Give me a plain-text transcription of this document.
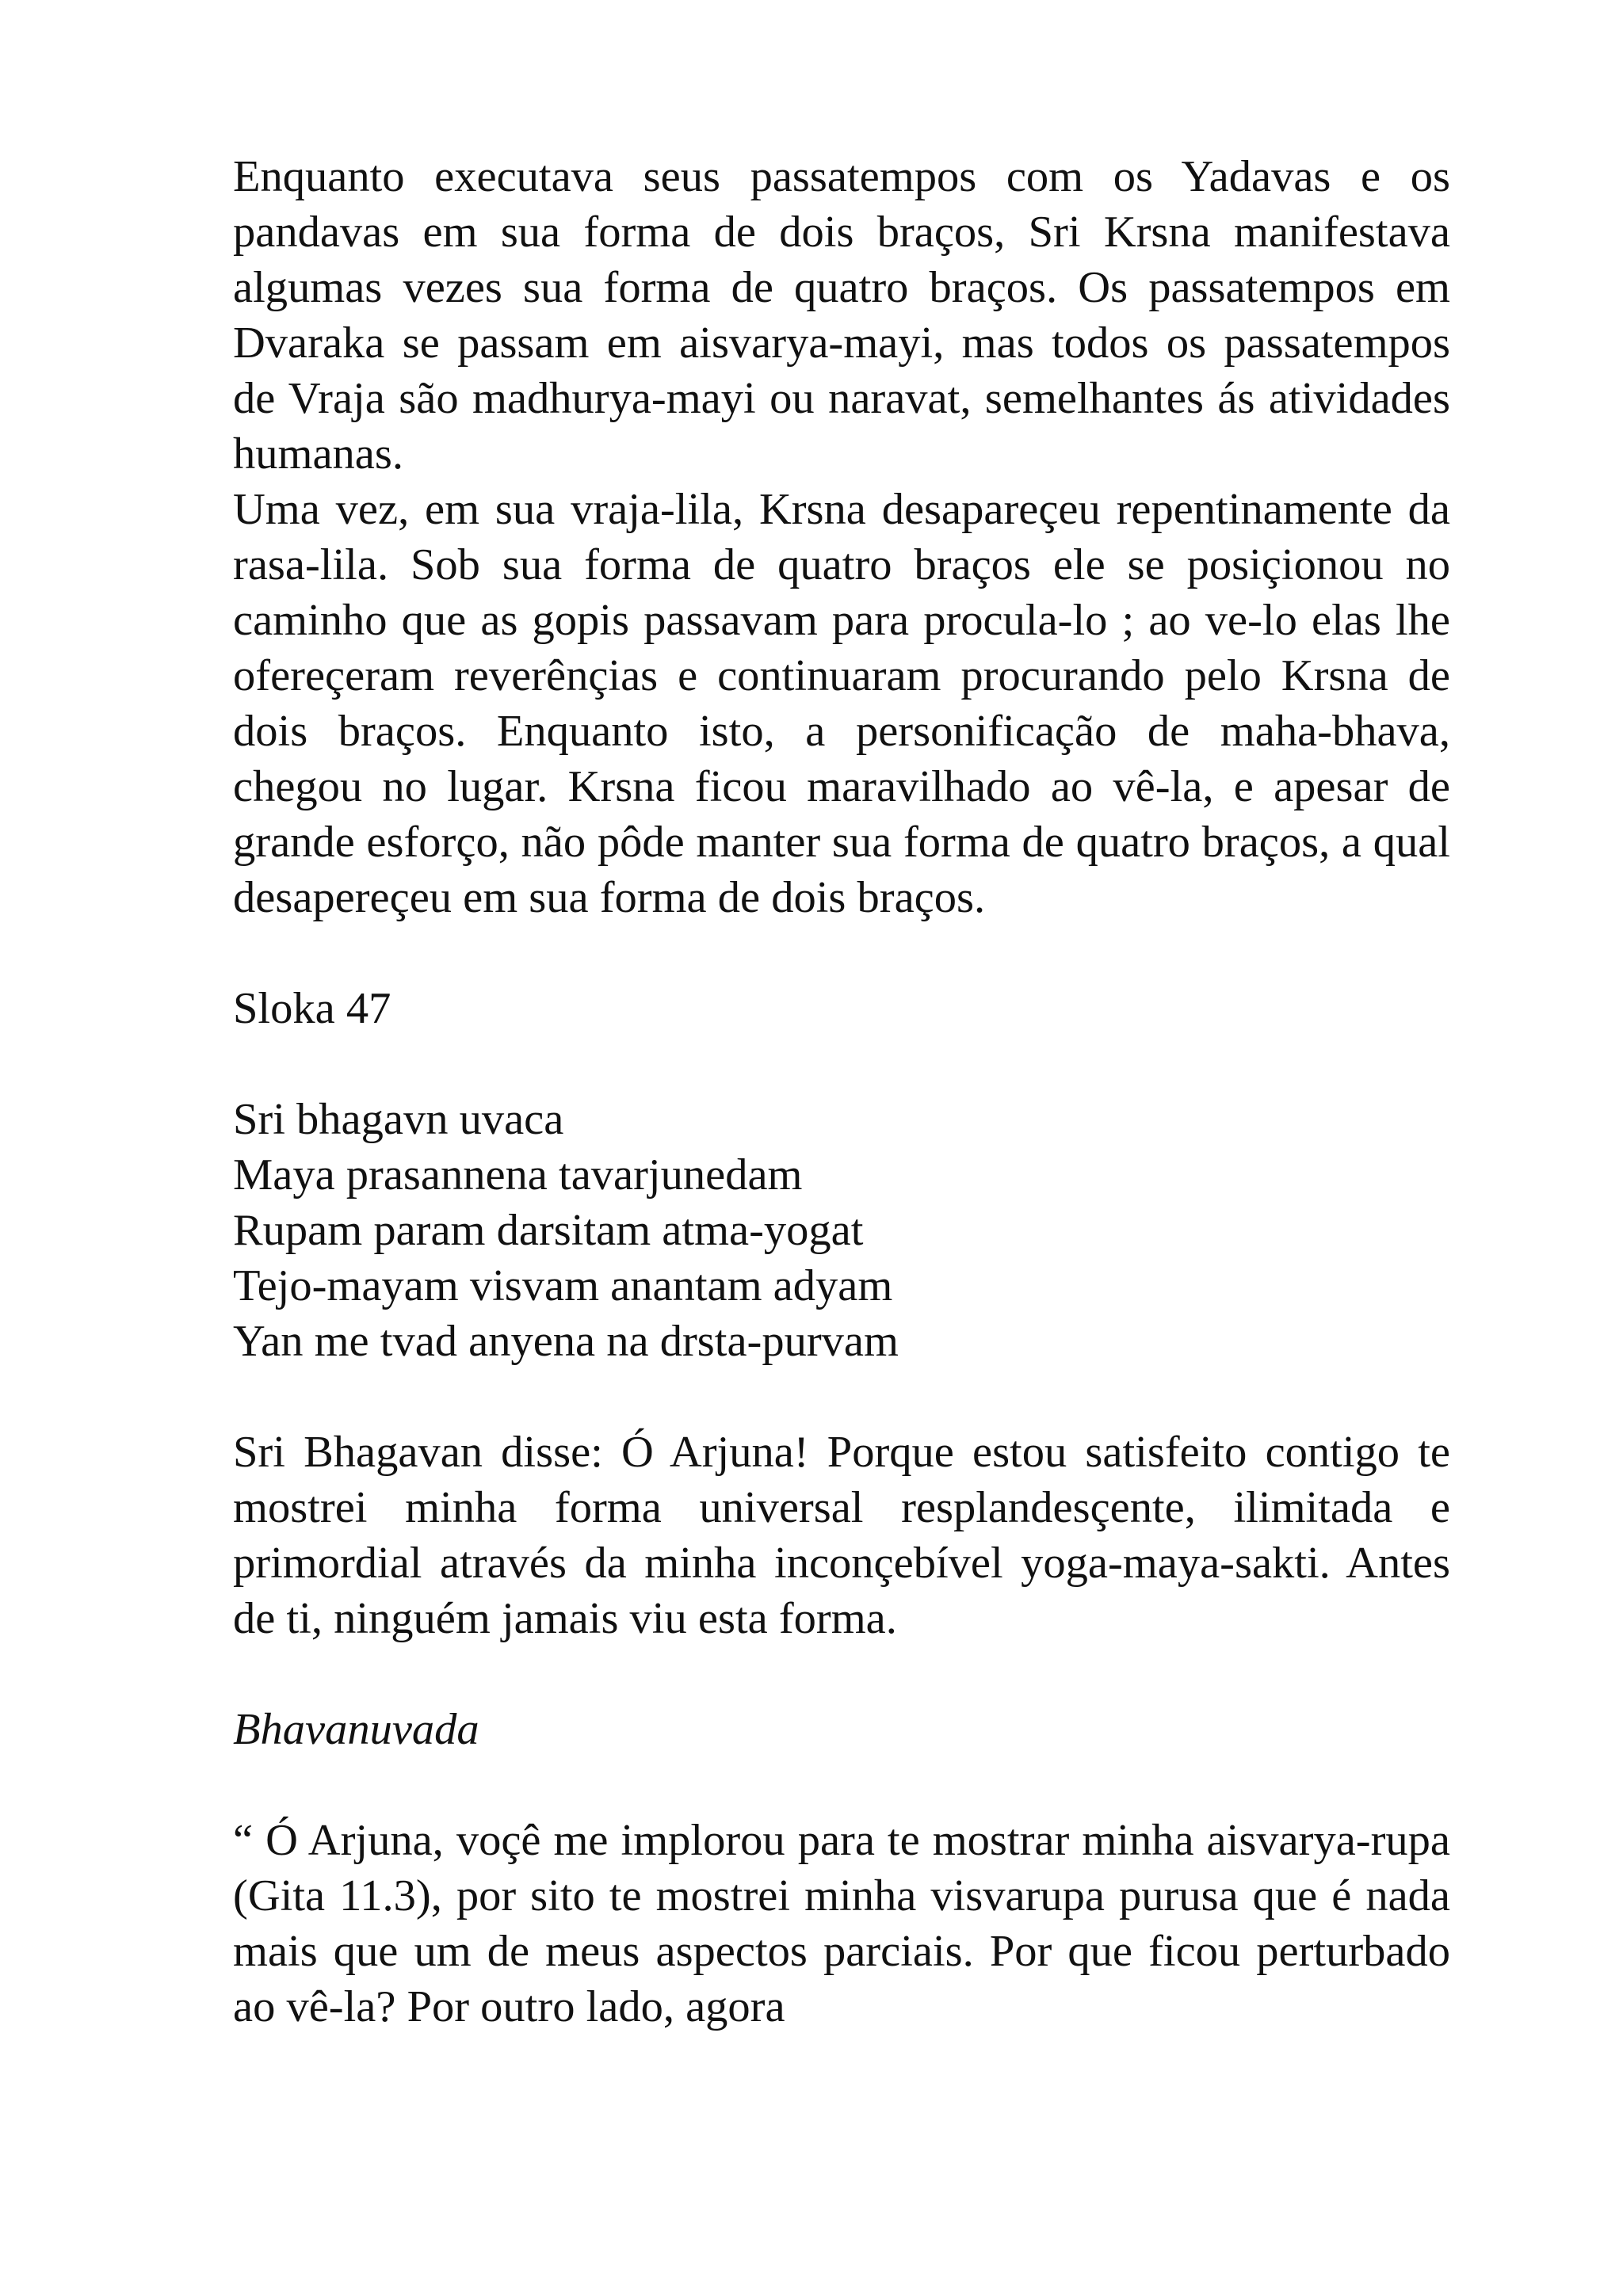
Enquanto executava seus passatempos com os Yadavas e os pandavas em sua forma de dois braços, Sri Krsna manifestava algumas vezes sua forma de quatro braços. Os passatempos em Dvaraka se passam em aisvarya-mayi, mas todos os passatempos de Vraja são madhurya-mayi ou naravat, semelhantes ás atividades humanas.

Uma vez, em sua vraja-lila, Krsna desapareçeu repentinamente da rasa-lila. Sob sua forma de quatro braços ele se posiçionou no caminho que as gopis passavam para procula-lo ; ao ve-lo elas lhe ofereçeram reverênçias e continuaram procurando pelo Krsna de dois braços. Enquanto isto, a personificação de maha-bhava, chegou no lugar. Krsna ficou maravilhado ao vê-la, e apesar de grande esforço, não pôde manter sua forma de quatro braços, a qual desapereçeu em sua forma de dois braços.

Sloka 47

Sri bhagavn uvaca
Maya prasannena tavarjunedam
Rupam param darsitam atma-yogat
Tejo-mayam visvam anantam adyam
Yan me tvad anyena na drsta-purvam

Sri Bhagavan disse: Ó Arjuna! Porque estou satisfeito contigo te mostrei minha forma universal resplandesçente, ilimitada e primordial através da minha inconçebível yoga-maya-sakti. Antes de ti, ninguém jamais viu esta forma.

Bhavanuvada

“ Ó Arjuna, voçê me implorou para te mostrar minha aisvarya-rupa (Gita 11.3), por sito te mostrei minha visvarupa purusa que é nada mais que um de meus aspectos parciais. Por que ficou perturbado ao vê-la? Por outro lado, agora
